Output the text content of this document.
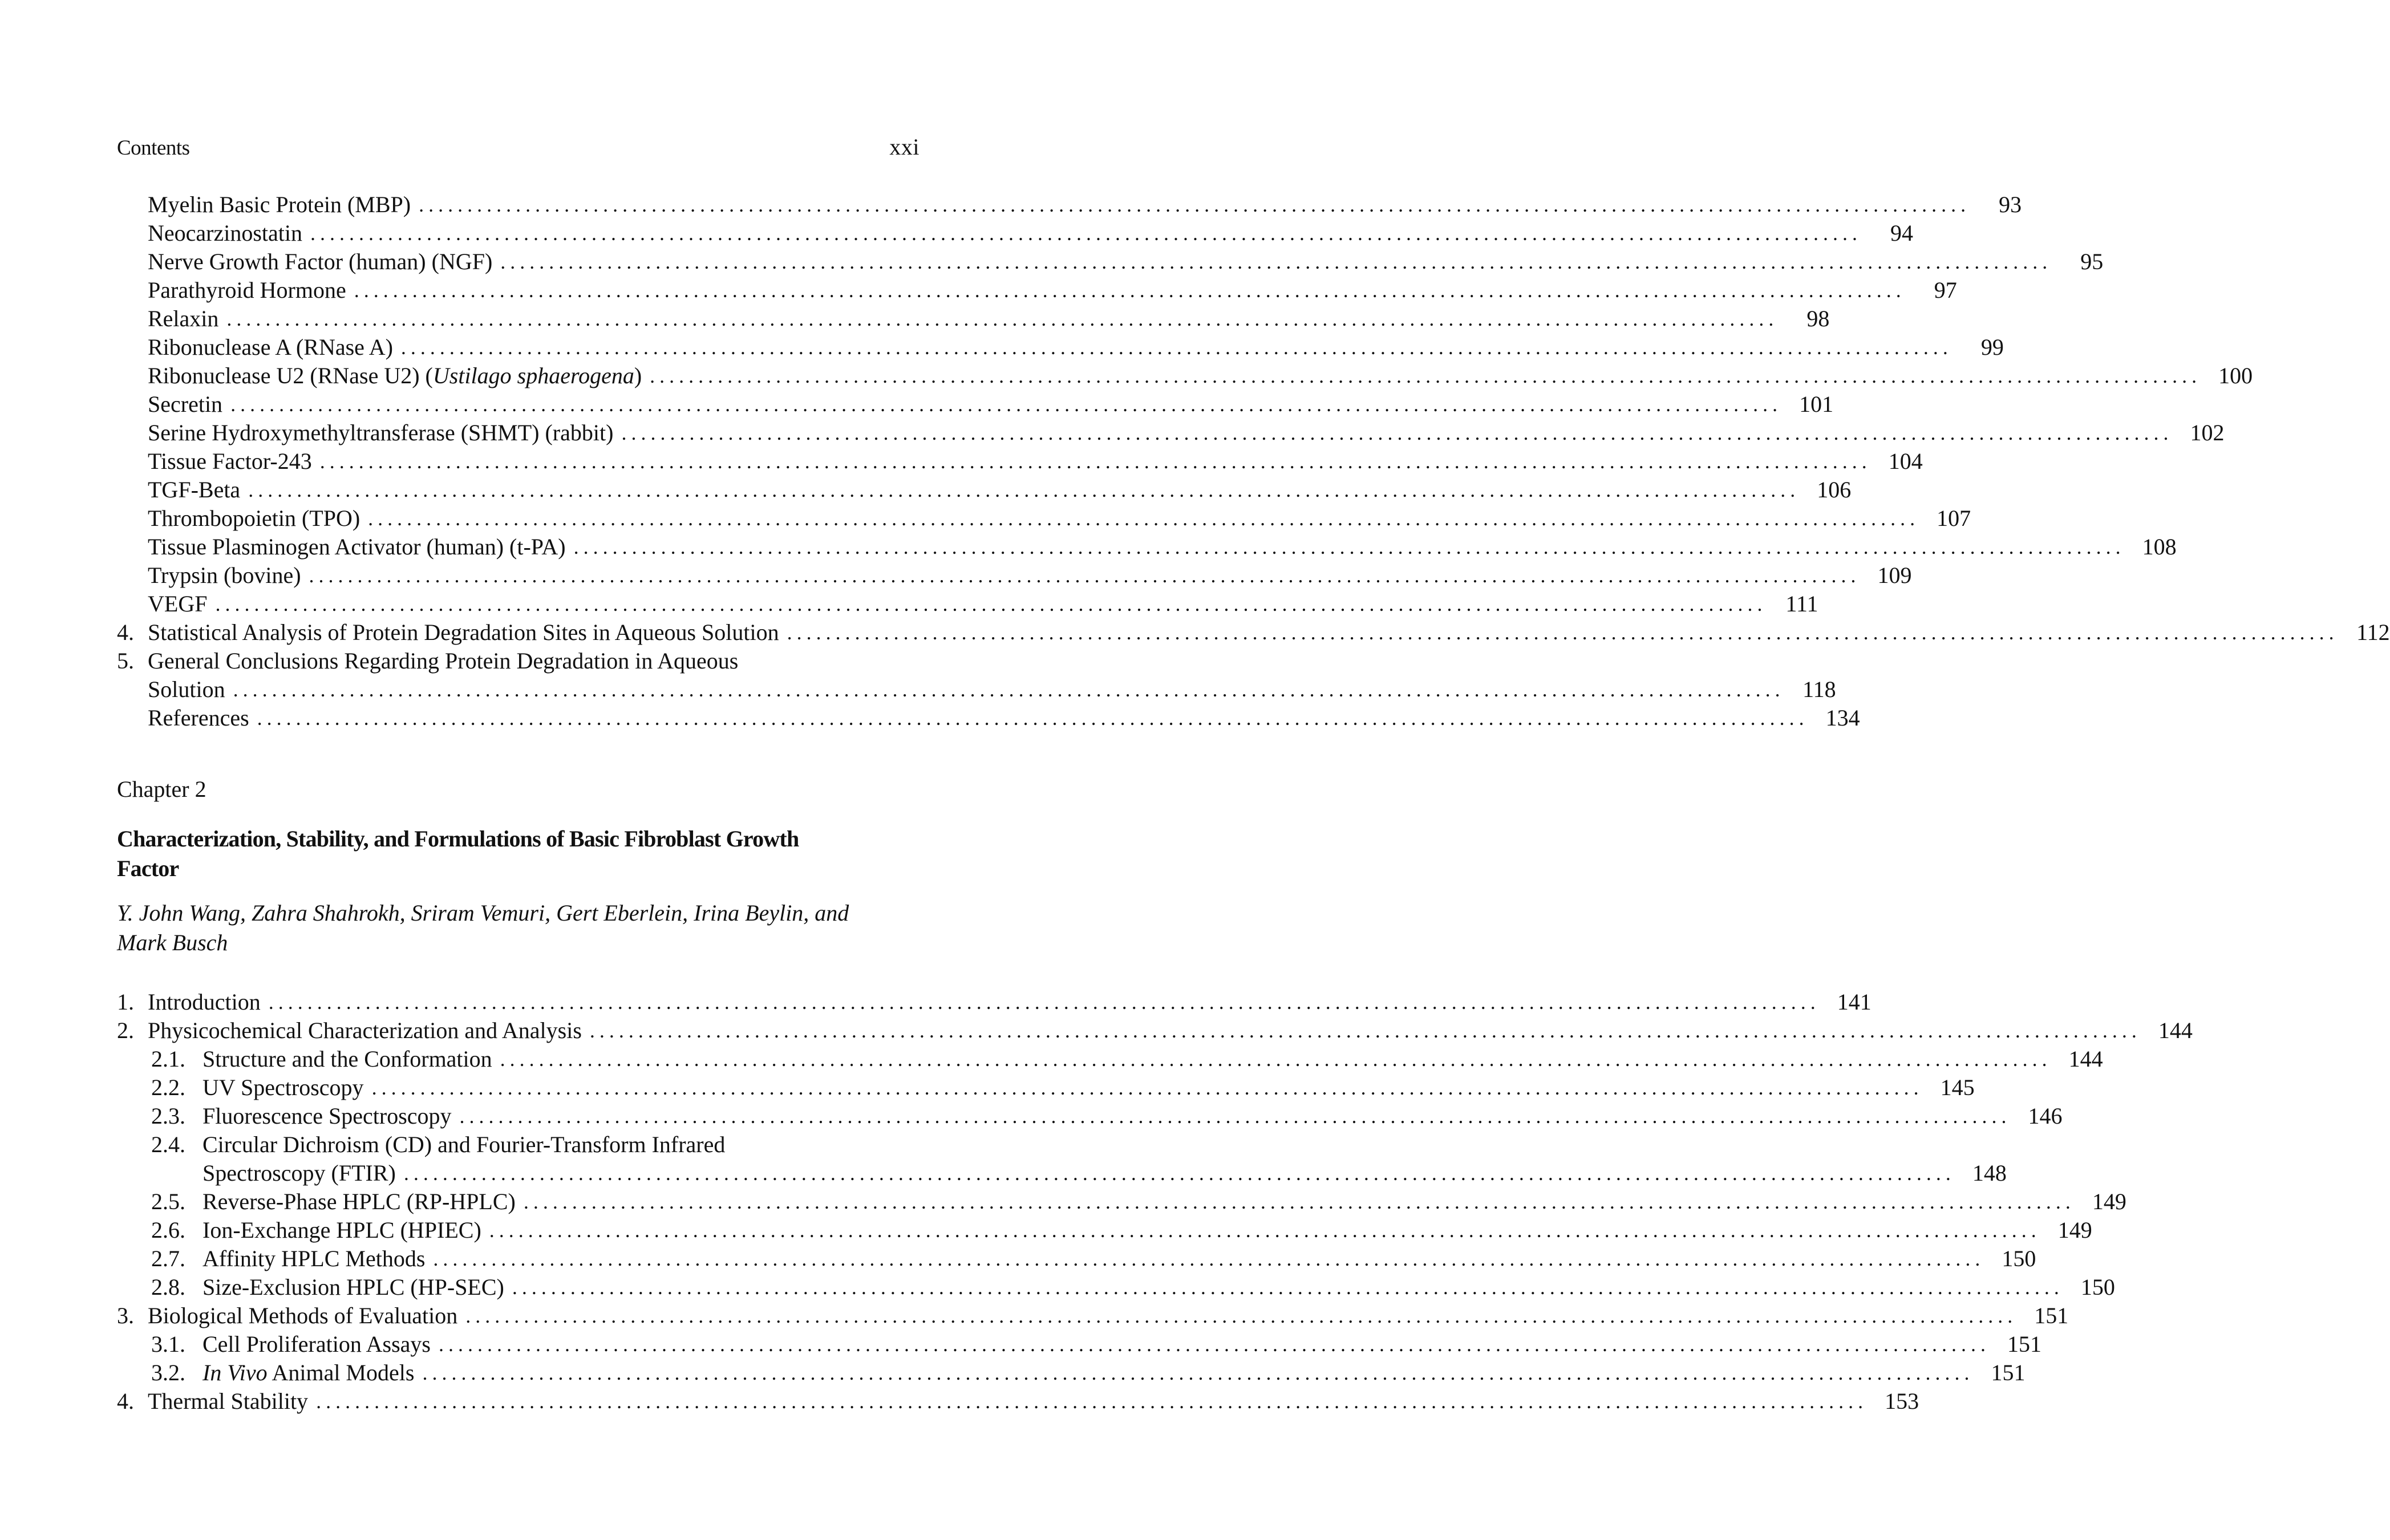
Contents	xxi
Myelin Basic Protein (MBP) ................................................................................................................................................................	93
Neocarzinostatin ................................................................................................................................................................	94
Nerve Growth Factor (human) (NGF) ................................................................................................................................................................	95
Parathyroid Hormone ................................................................................................................................................................	97
Relaxin ................................................................................................................................................................	98
Ribonuclease A (RNase A) ................................................................................................................................................................	99
Ribonuclease U2 (RNase U2) (Ustilago sphaerogena) ................................................................................................................................................................ 100
Secretin ................................................................................................................................................................ 101
Serine Hydroxymethyltransferase (SHMT) (rabbit) ................................................................................................................................................................ 102
Tissue Factor-243 ................................................................................................................................................................ 104
TGF-Beta ................................................................................................................................................................ 106
Thrombopoietin (TPO) ................................................................................................................................................................ 107
Tissue Plasminogen Activator (human) (t-PA) ................................................................................................................................................................ 108
Trypsin (bovine) ................................................................................................................................................................ 109
VEGF ................................................................................................................................................................ 111
4. Statistical Analysis of Protein Degradation Sites in Aqueous Solution ................................................................................................................................................................ 112
5. General Conclusions Regarding Protein Degradation in Aqueous
Solution ................................................................................................................................................................ 118
References ................................................................................................................................................................ 134
Chapter 2
Characterization, Stability, and Formulations of Basic Fibroblast Growth Factor
Y. John Wang, Zahra Shahrokh, Sriram Vemuri, Gert Eberlein, Irina Beylin, and Mark Busch
1. Introduction ................................................................................................................................................................ 141
2. Physicochemical Characterization and Analysis ................................................................................................................................................................ 144
2.1. Structure and the Conformation ................................................................................................................................................................ 144
2.2. UV Spectroscopy ................................................................................................................................................................ 145
2.3. Fluorescence Spectroscopy ................................................................................................................................................................ 146
2.4. Circular Dichroism (CD) and Fourier-Transform Infrared
Spectroscopy (FTIR) ................................................................................................................................................................ 148
2.5. Reverse-Phase HPLC (RP-HPLC) ................................................................................................................................................................ 149
2.6. Ion-Exchange HPLC (HPIEC) ................................................................................................................................................................ 149
2.7. Affinity HPLC Methods ................................................................................................................................................................ 150
2.8. Size-Exclusion HPLC (HP-SEC) ................................................................................................................................................................ 150
3. Biological Methods of Evaluation ................................................................................................................................................................ 151
3.1. Cell Proliferation Assays ................................................................................................................................................................ 151
3.2. In Vivo Animal Models ................................................................................................................................................................ 151
4. Thermal Stability ................................................................................................................................................................ 153
